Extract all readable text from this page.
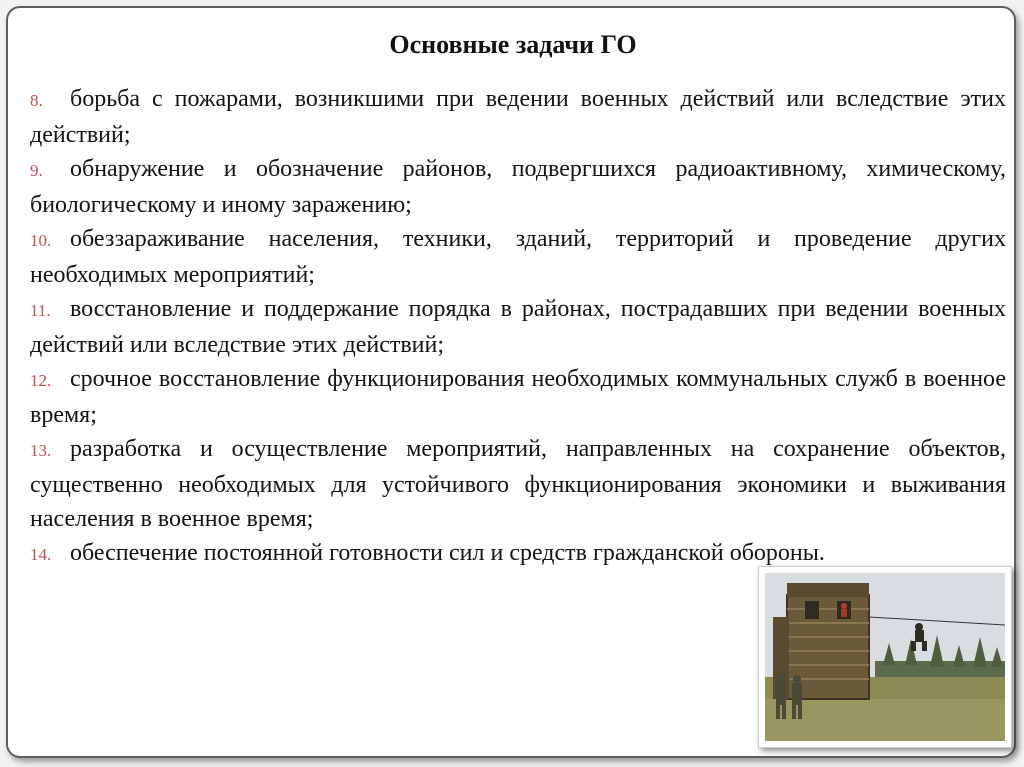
Основные задачи ГО
8. борьба с пожарами, возникшими при ведении военных действий или вследствие этих действий;
9. обнаружение и обозначение районов, подвергшихся радиоактивному, химическому, биологическому и иному заражению;
10. обеззараживание населения, техники, зданий, территорий и проведение других необходимых мероприятий;
11. восстановление и поддержание порядка в районах, пострадавших при ведении военных действий или вследствие этих действий;
12. срочное восстановление функционирования необходимых коммунальных служб в военное время;
13. разработка и осуществление мероприятий, направленных на сохранение объектов, существенно необходимых для устойчивого функционирования экономики и выживания населения в военное время;
14. обеспечение постоянной готовности сил и средств гражданской обороны.
